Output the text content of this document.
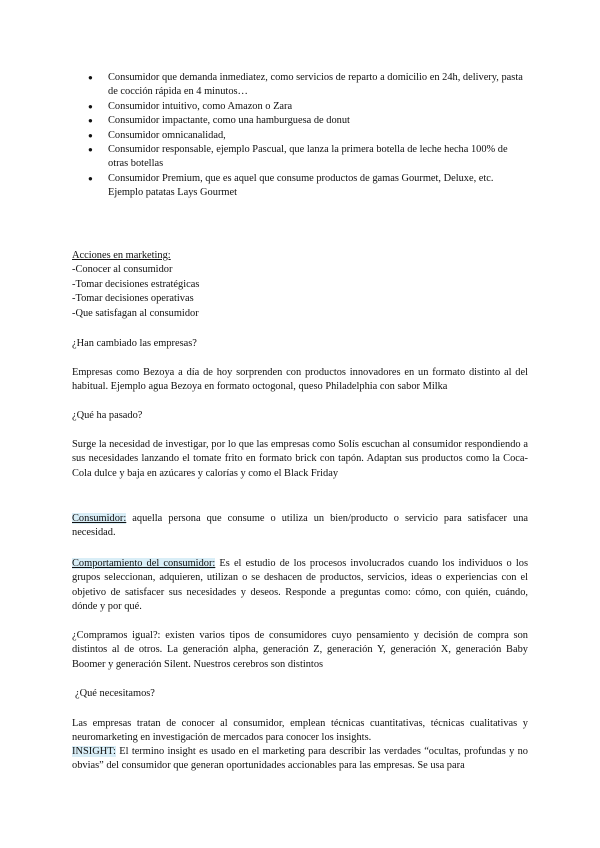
● Consumidor que demanda inmediatez, como servicios de reparto a domicilio en 24h, delivery, pasta de cocción rápida en 4 minutos…
● Consumidor intuitivo, como Amazon o Zara
● Consumidor impactante, como una hamburguesa de donut
● Consumidor omnicanalidad,
● Consumidor responsable, ejemplo Pascual, que lanza la primera botella de leche hecha 100% de otras botellas
● Consumidor Premium, que es aquel que consume productos de gamas Gourmet, Deluxe, etc. Ejemplo patatas Lays Gourmet

Acciones en marketing:

-Conocer al consumidor

-Tomar decisiones estratégicas

-Tomar decisiones operativas

-Que satisfagan al consumidor

¿Han cambiado las empresas?

Empresas como Bezoya a día de hoy sorprenden con productos innovadores en un formato distinto al del habitual. Ejemplo agua Bezoya en formato octogonal, queso Philadelphia con sabor Milka

¿Qué ha pasado?

Surge la necesidad de investigar, por lo que las empresas como Solís escuchan al consumidor respondiendo a sus necesidades lanzando el tomate frito en formato brick con tapón. Adaptan sus productos como la Coca-Cola dulce y baja en azúcares y calorías y como el Black Friday

Consumidor: aquella persona que consume o utiliza un bien/producto o servicio para satisfacer una necesidad.

Comportamiento del consumidor: Es el estudio de los procesos involucrados cuando los individuos o los grupos seleccionan, adquieren, utilizan o se deshacen de productos, servicios, ideas o experiencias con el objetivo de satisfacer sus necesidades y deseos. Responde a preguntas como: cómo, con quién, cuándo, dónde y por qué.

¿Compramos igual?: existen varios tipos de consumidores cuyo pensamiento y decisión de compra son distintos al de otros. La generación alpha, generación Z, generación Y, generación X, generación Baby Boomer y generación Silent. Nuestros cerebros son distintos

¿Qué necesitamos?

Las empresas tratan de conocer al consumidor, emplean técnicas cuantitativas, técnicas cualitativas y neuromarketing en investigación de mercados para conocer los insights.

INSIGHT: El termino insight es usado en el marketing para describir las verdades “ocultas, profundas y no obvias” del consumidor que generan oportunidades accionables para las empresas. Se usa para
